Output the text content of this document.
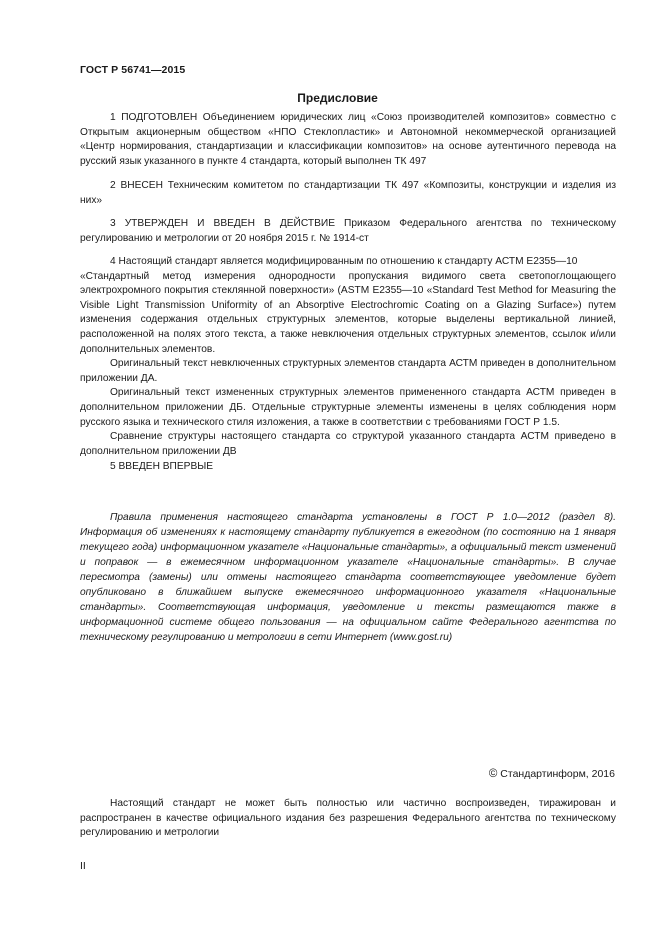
ГОСТ Р 56741—2015
Предисловие

1 ПОДГОТОВЛЕН Объединением юридических лиц «Союз производителей композитов» совместно с Открытым акционерным обществом «НПО Стеклопластик» и Автономной некоммерческой организацией «Центр нормирования, стандартизации и классификации композитов» на основе аутентичного перевода на русский язык указанного в пункте 4 стандарта, который выполнен ТК 497

2 ВНЕСЕН Техническим комитетом по стандартизации ТК 497 «Композиты, конструкции и изделия из них»

3 УТВЕРЖДЕН И ВВЕДЕН В ДЕЙСТВИЕ Приказом Федерального агентства по техническому регулированию и метрологии от 20 ноября 2015 г. № 1914-ст

4 Настоящий стандарт является модифицированным по отношению к стандарту АСТМ Е2355—10

«Стандартный метод измерения однородности пропускания видимого света светопоглощающего электрохромного покрытия стеклянной поверхности» (ASTM E2355—10 «Standard Test Method for Measuring the Visible Light Transmission Uniformity of an Absorptive Electrochromic Coating on a Glazing Surface») путем изменения содержания отдельных структурных элементов, которые выделены вертикальной линией, расположенной на полях этого текста, а также невключения отдельных структурных элементов, ссылок и/или дополнительных элементов.

Оригинальный текст невключенных структурных элементов стандарта АСТМ приведен в дополнительном приложении ДА.

Оригинальный текст измененных структурных элементов примененного стандарта АСТМ приведен в дополнительном приложении ДБ. Отдельные структурные элементы изменены в целях соблюдения норм русского языка и технического стиля изложения, а также в соответствии с требованиями ГОСТ Р 1.5.

Сравнение структуры настоящего стандарта со структурой указанного стандарта АСТМ приведено в дополнительном приложении ДВ

5 ВВЕДЕН ВПЕРВЫЕ

Правила применения настоящего стандарта установлены в ГОСТ Р 1.0—2012 (раздел 8). Информация об изменениях к настоящему стандарту публикуется в ежегодном (по состоянию на 1 января текущего года) информационном указателе «Национальные стандарты», а официальный текст изменений и поправок — в ежемесячном информационном указателе «Национальные стандарты». В случае пересмотра (замены) или отмены настоящего стандарта соответствующее уведомление будет опубликовано в ближайшем выпуске ежемесячного информационного указателя «Национальные стандарты». Соответствующая информация, уведомление и тексты размещаются также в информационной системе общего пользования — на официальном сайте Федерального агентства по техническому регулированию и метрологии в сети Интернет (www.gost.ru)
© Стандартинформ, 2016
Настоящий стандарт не может быть полностью или частично воспроизведен, тиражирован и распространен в качестве официального издания без разрешения Федерального агентства по техническому регулированию и метрологии
II
